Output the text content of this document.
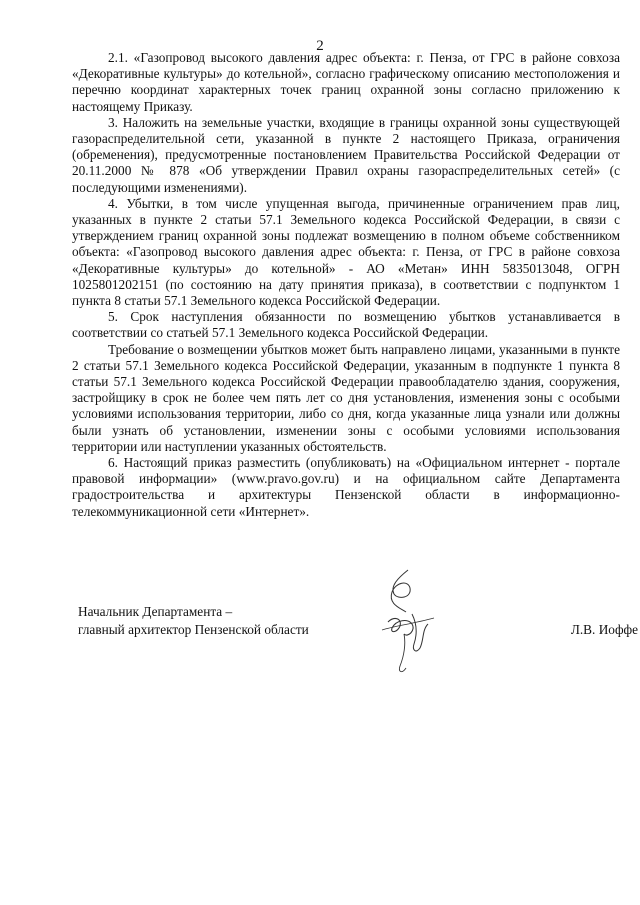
2

2.1. «Газопровод высокого давления адрес объекта: г. Пенза, от ГРС в районе совхоза «Декоративные культуры» до котельной», согласно графическому описанию местоположения и перечню координат характерных точек границ охранной зоны согласно приложению к настоящему Приказу.

3. Наложить на земельные участки, входящие в границы охранной зоны существующей газораспределительной сети, указанной в пункте 2 настоящего Приказа, ограничения (обременения), предусмотренные постановлением Правительства Российской Федерации от 20.11.2000 № 878 «Об утверждении Правил охраны газораспределительных сетей» (с последующими изменениями).

4. Убытки, в том числе упущенная выгода, причиненные ограничением прав лиц, указанных в пункте 2 статьи 57.1 Земельного кодекса Российской Федерации, в связи с утверждением границ охранной зоны подлежат возмещению в полном объеме собственником объекта: «Газопровод высокого давления адрес объекта: г. Пенза, от ГРС в районе совхоза «Декоративные культуры» до котельной» - АО «Метан» ИНН 5835013048, ОГРН 1025801202151 (по состоянию на дату принятия приказа), в соответствии с подпунктом 1 пункта 8 статьи 57.1 Земельного кодекса Российской Федерации.

5. Срок наступления обязанности по возмещению убытков устанавливается в соответствии со статьей 57.1 Земельного кодекса Российской Федерации.

Требование о возмещении убытков может быть направлено лицами, указанными в пункте 2 статьи 57.1 Земельного кодекса Российской Федерации, указанным в подпункте 1 пункта 8 статьи 57.1 Земельного кодекса Российской Федерации правообладателю здания, сооружения, застройщику в срок не более чем пять лет со дня установления, изменения зоны с особыми условиями использования территории, либо со дня, когда указанные лица узнали или должны были узнать об установлении, изменении зоны с особыми условиями использования территории или наступлении указанных обстоятельств.

6. Настоящий приказ разместить (опубликовать) на «Официальном интернет - портале правовой информации» (www.pravo.gov.ru) и на официальном сайте Департамента градостроительства и архитектуры Пензенской области в информационно-телекоммуникационной сети «Интернет».

Начальник Департамента –
главный архитектор Пензенской области	Л.В. Иоффе
